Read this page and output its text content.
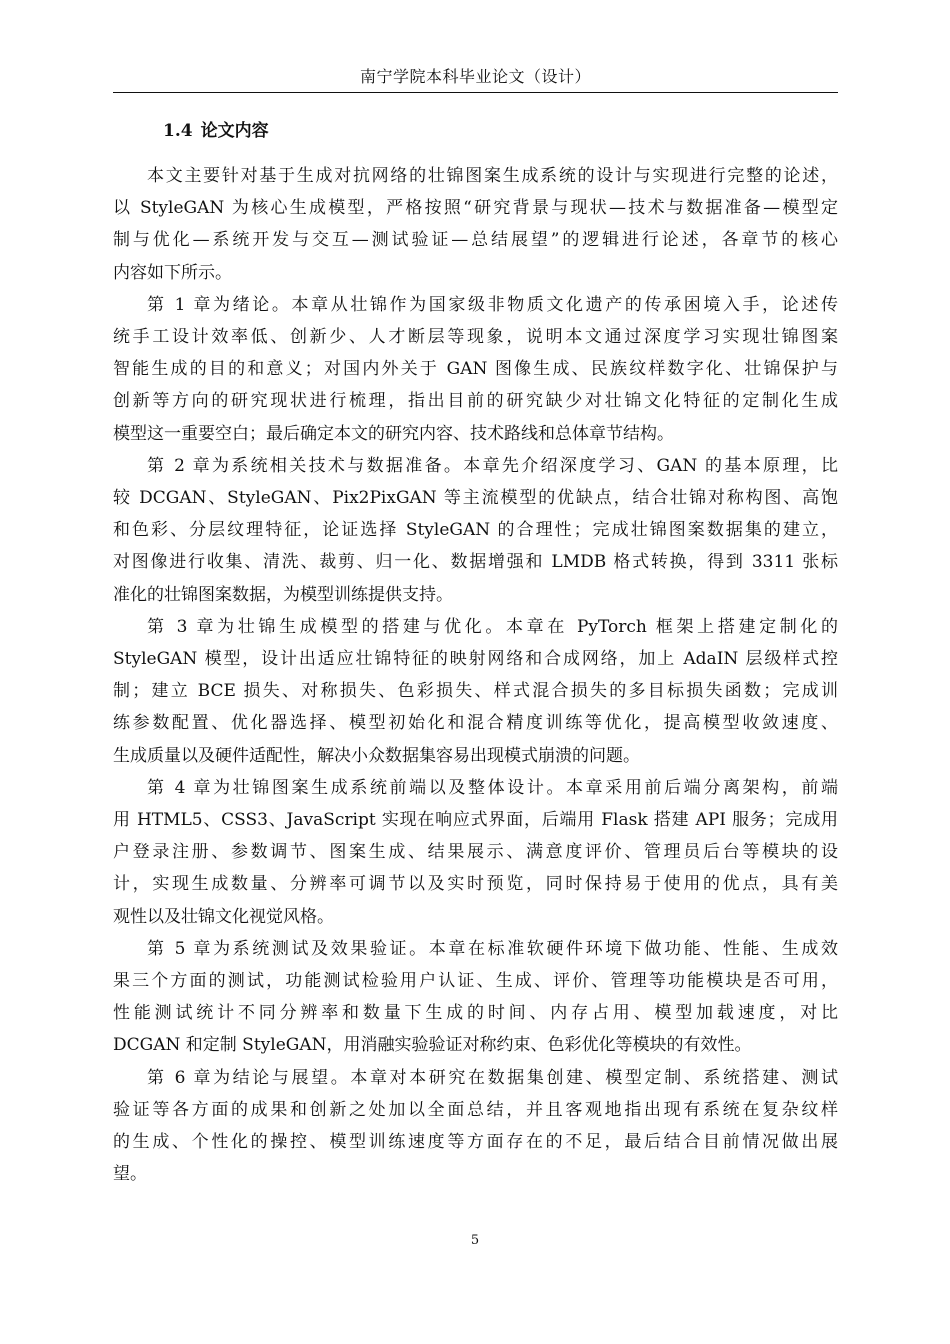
南宁学院本科毕业论文（设计）
1.4 论文内容

本文主要针对基于生成对抗网络的壮锦图案生成系统的设计与实现进行完整的论述，
以 StyleGAN 为核心生成模型，严格按照“研究背景与现状—技术与数据准备—模型定
制与优化—系统开发与交互—测试验证—总结展望”的逻辑进行论述，各章节的核心
内容如下所示。

第 1 章为绪论。本章从壮锦作为国家级非物质文化遗产的传承困境入手，论述传
统手工设计效率低、创新少、人才断层等现象，说明本文通过深度学习实现壮锦图案
智能生成的目的和意义；对国内外关于 GAN 图像生成、民族纹样数字化、壮锦保护与
创新等方向的研究现状进行梳理，指出目前的研究缺少对壮锦文化特征的定制化生成
模型这一重要空白；最后确定本文的研究内容、技术路线和总体章节结构。

第 2 章为系统相关技术与数据准备。本章先介绍深度学习、GAN 的基本原理，比
较 DCGAN、StyleGAN、Pix2PixGAN 等主流模型的优缺点，结合壮锦对称构图、高饱
和色彩、分层纹理特征，论证选择 StyleGAN 的合理性；完成壮锦图案数据集的建立，
对图像进行收集、清洗、裁剪、归一化、数据增强和 LMDB 格式转换，得到 3311 张标
准化的壮锦图案数据，为模型训练提供支持。

第 3 章为壮锦生成模型的搭建与优化。本章在 PyTorch 框架上搭建定制化的
StyleGAN 模型，设计出适应壮锦特征的映射网络和合成网络，加上 AdaIN 层级样式控
制；建立 BCE 损失、对称损失、色彩损失、样式混合损失的多目标损失函数；完成训
练参数配置、优化器选择、模型初始化和混合精度训练等优化，提高模型收敛速度、
生成质量以及硬件适配性，解决小众数据集容易出现模式崩溃的问题。

第 4 章为壮锦图案生成系统前端以及整体设计。本章采用前后端分离架构，前端
用 HTML5、CSS3、JavaScript 实现在响应式界面，后端用 Flask 搭建 API 服务；完成用
户登录注册、参数调节、图案生成、结果展示、满意度评价、管理员后台等模块的设
计，实现生成数量、分辨率可调节以及实时预览，同时保持易于使用的优点，具有美
观性以及壮锦文化视觉风格。

第 5 章为系统测试及效果验证。本章在标准软硬件环境下做功能、性能、生成效
果三个方面的测试，功能测试检验用户认证、生成、评价、管理等功能模块是否可用，
性能测试统计不同分辨率和数量下生成的时间、内存占用、模型加载速度，对比
DCGAN 和定制 StyleGAN，用消融实验验证对称约束、色彩优化等模块的有效性。

第 6 章为结论与展望。本章对本研究在数据集创建、模型定制、系统搭建、测试
验证等各方面的成果和创新之处加以全面总结，并且客观地指出现有系统在复杂纹样
的生成、个性化的操控、模型训练速度等方面存在的不足，最后结合目前情况做出展
望。

5
